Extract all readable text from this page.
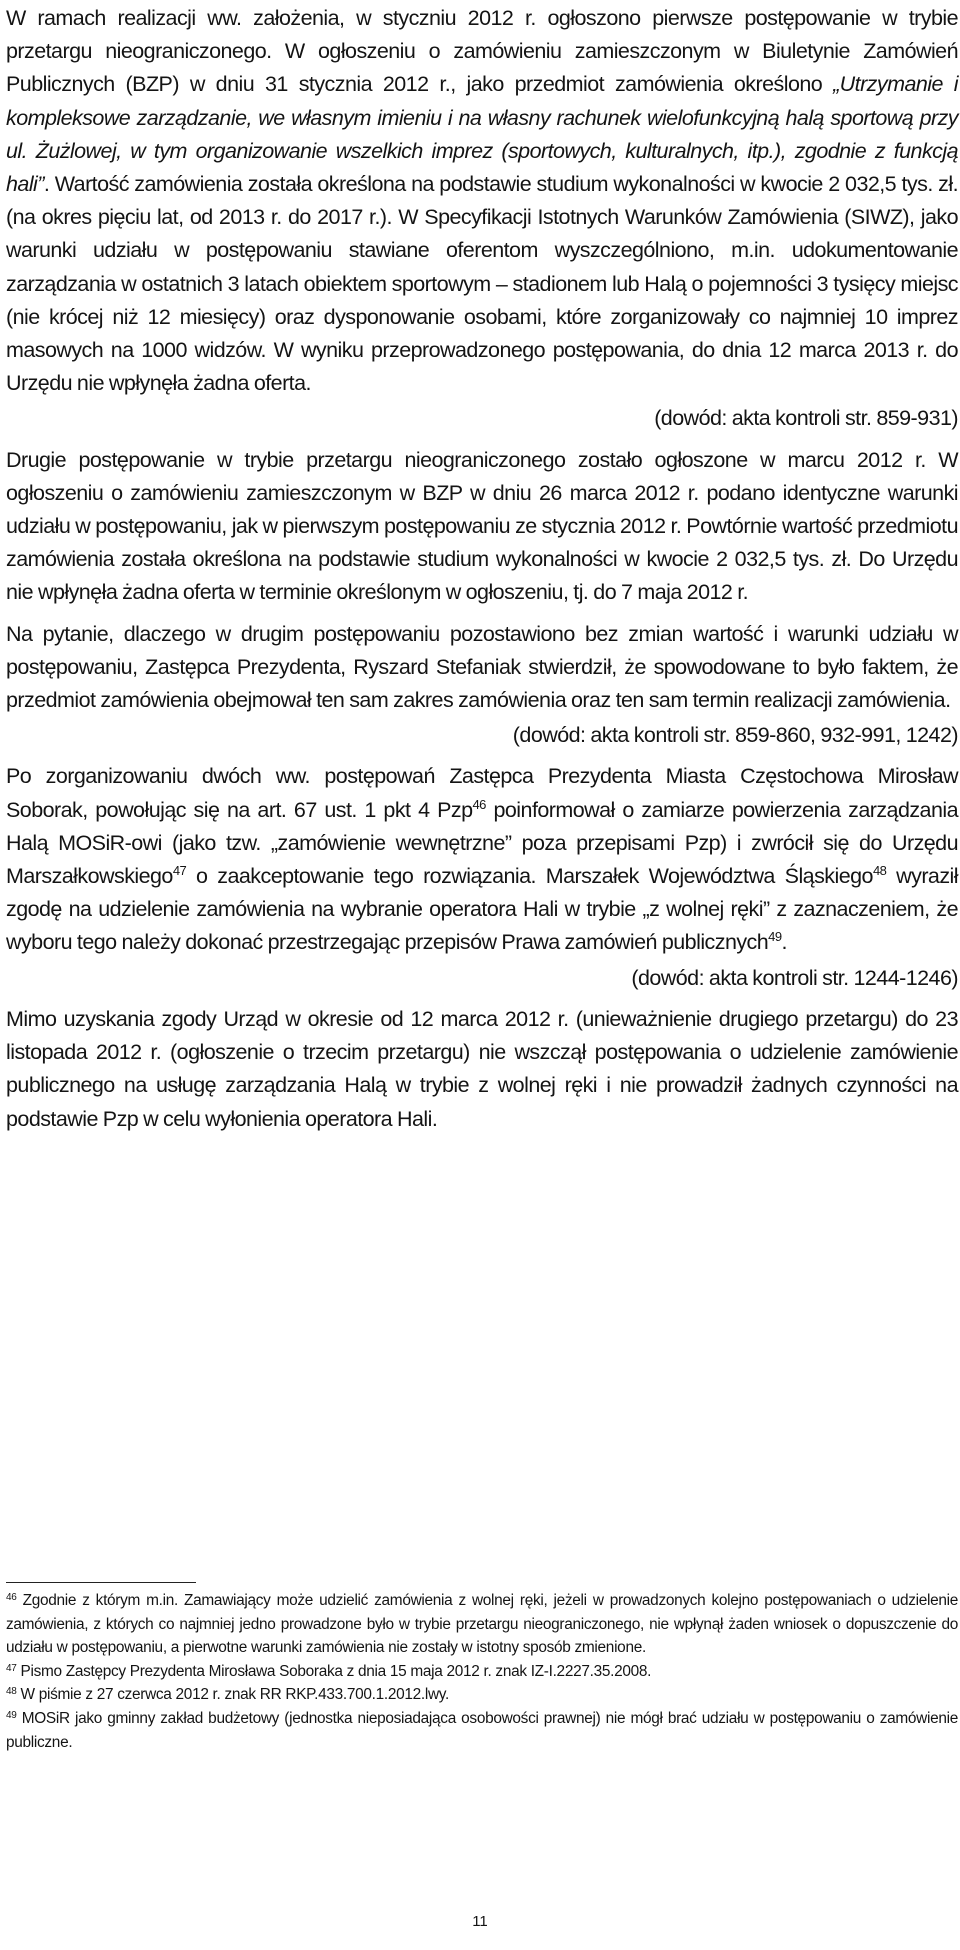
W ramach realizacji ww. założenia, w styczniu 2012 r. ogłoszono pierwsze postępowanie w trybie przetargu nieograniczonego. W ogłoszeniu o zamówieniu zamieszczonym w Biuletynie Zamówień Publicznych (BZP) w dniu 31 stycznia 2012 r., jako przedmiot zamówienia określono „Utrzymanie i kompleksowe zarządzanie, we własnym imieniu i na własny rachunek wielofunkcyjną halą sportową przy ul. Żużlowej, w tym organizowanie wszelkich imprez (sportowych, kulturalnych, itp.), zgodnie z funkcją hali”. Wartość zamówienia została określona na podstawie studium wykonalności w kwocie 2 032,5 tys. zł. (na okres pięciu lat, od 2013 r. do 2017 r.). W Specyfikacji Istotnych Warunków Zamówienia (SIWZ), jako warunki udziału w postępowaniu stawiane oferentom wyszczególniono, m.in. udokumentowanie zarządzania w ostatnich 3 latach obiektem sportowym – stadionem lub Halą o pojemności 3 tysięcy miejsc (nie krócej niż 12 miesięcy) oraz dysponowanie osobami, które zorganizowały co najmniej 10 imprez masowych na 1000 widzów. W wyniku przeprowadzonego postępowania, do dnia 12 marca 2013 r. do Urzędu nie wpłynęła żadna oferta.

(dowód: akta kontroli str. 859-931)

Drugie postępowanie w trybie przetargu nieograniczonego zostało ogłoszone w marcu 2012 r. W ogłoszeniu o zamówieniu zamieszczonym w BZP w dniu 26 marca 2012 r. podano identyczne warunki udziału w postępowaniu, jak w pierwszym postępowaniu ze stycznia 2012 r. Powtórnie wartość przedmiotu zamówienia została określona na podstawie studium wykonalności w kwocie 2 032,5 tys. zł. Do Urzędu nie wpłynęła żadna oferta w terminie określonym w ogłoszeniu, tj. do 7 maja 2012 r.

Na pytanie, dlaczego w drugim postępowaniu pozostawiono bez zmian wartość i warunki udziału w postępowaniu, Zastępca Prezydenta, Ryszard Stefaniak stwierdził, że spowodowane to było faktem, że przedmiot zamówienia obejmował ten sam zakres zamówienia oraz ten sam termin realizacji zamówienia.

(dowód: akta kontroli str. 859-860, 932-991, 1242)

Po zorganizowaniu dwóch ww. postępowań Zastępca Prezydenta Miasta Częstochowa Mirosław Soborak, powołując się na art. 67 ust. 1 pkt 4 Pzp$^{46}$ poinformował o zamiarze powierzenia zarządzania Halą MOSiR-owi (jako tzw. „zamówienie wewnętrzne” poza przepisami Pzp) i zwrócił się do Urzędu Marszałkowskiego$^{47}$ o zaakceptowanie tego rozwiązania. Marszałek Województwa Śląskiego$^{48}$ wyraził zgodę na udzielenie zamówienia na wybranie operatora Hali w trybie „z wolnej ręki” z zaznaczeniem, że wyboru tego należy dokonać przestrzegając przepisów Prawa zamówień publicznych$^{49}$.

(dowód: akta kontroli str. 1244-1246)

Mimo uzyskania zgody Urząd w okresie od 12 marca 2012 r. (unieważnienie drugiego przetargu) do 23 listopada 2012 r. (ogłoszenie o trzecim przetargu) nie wszczął postępowania o udzielenie zamówienie publicznego na usługę zarządzania Halą w trybie z wolnej ręki i nie prowadził żadnych czynności na podstawie Pzp w celu wyłonienia operatora Hali.

$^{46}$ Zgodnie z którym m.in. Zamawiający może udzielić zamówienia z wolnej ręki, jeżeli w prowadzonych kolejno postępowaniach o udzielenie zamówienia, z których co najmniej jedno prowadzone było w trybie przetargu nieograniczonego, nie wpłynął żaden wniosek o dopuszczenie do udziału w postępowaniu, a pierwotne warunki zamówienia nie zostały w istotny sposób zmienione.

$^{47}$ Pismo Zastępcy Prezydenta Mirosława Soboraka z dnia 15 maja 2012 r. znak IZ-I.2227.35.2008.

$^{48}$ W piśmie z 27 czerwca 2012 r. znak RR RKP.433.700.1.2012.lwy.

$^{49}$ MOSiR jako gminny zakład budżetowy (jednostka nieposiadająca osobowości prawnej) nie mógł brać udziału w postępowaniu o zamówienie publiczne.

11
